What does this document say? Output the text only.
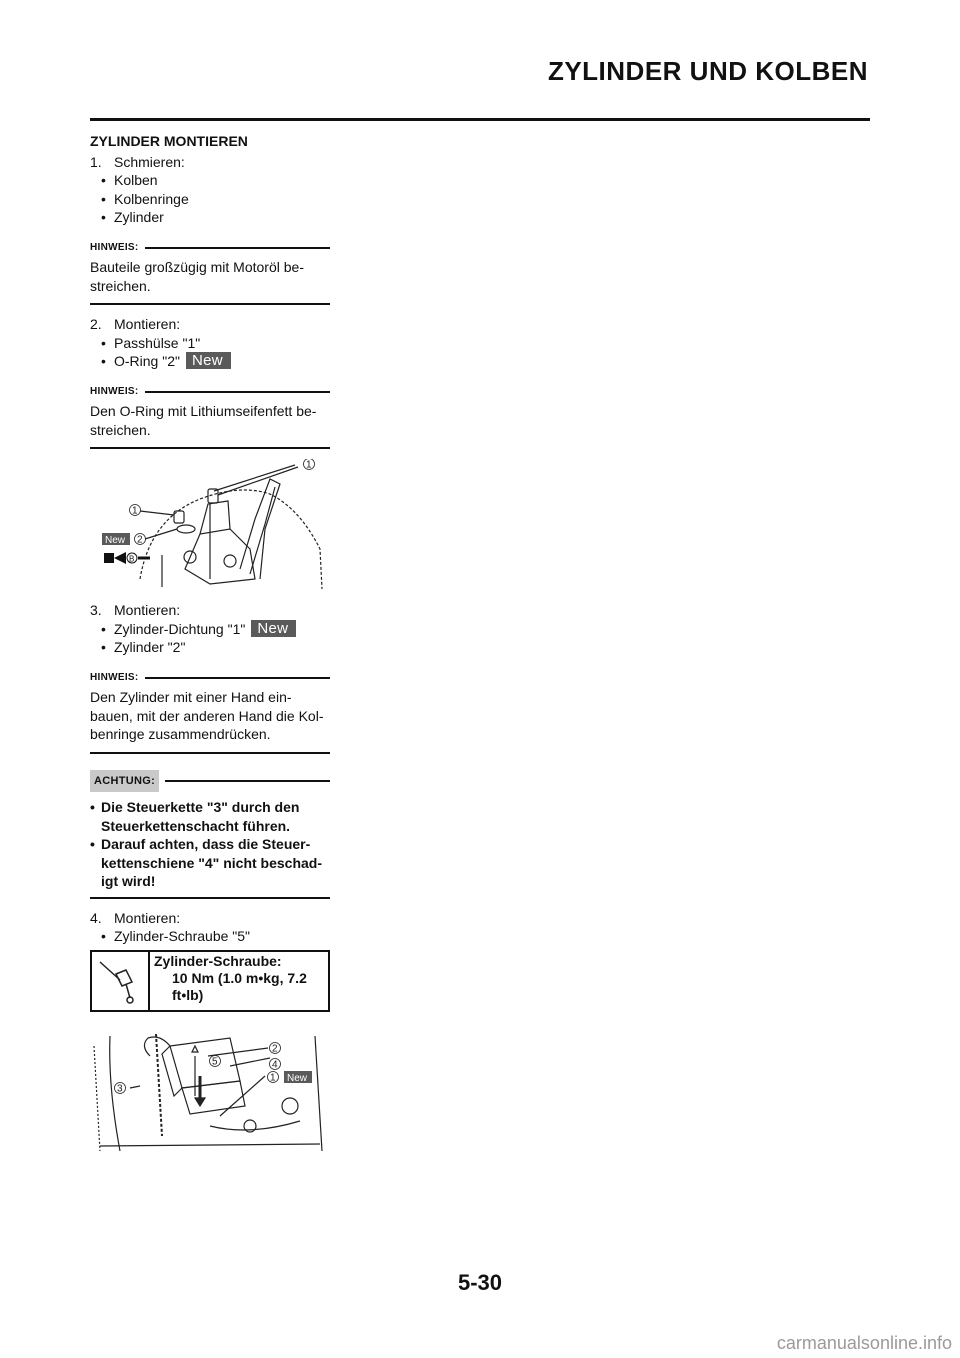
ZYLINDER UND KOLBEN
ZYLINDER MONTIEREN
1. Schmieren:
• Kolben
• Kolbenringe
• Zylinder
HINWEIS:
Bauteile großzügig mit Motoröl be-streichen.
2. Montieren:
• Passhülse "1"
• O-Ring "2" New
HINWEIS:
Den O-Ring mit Lithiumseifenfett be-streichen.
1
1
2
New
B
3. Montieren:
• Zylinder-Dichtung "1" New
• Zylinder "2"
HINWEIS:
Den Zylinder mit einer Hand ein-bauen, mit der anderen Hand die Kol-benringe zusammendrücken.
ACHTUNG:
• Die Steuerkette "3" durch den Steuerkettenschacht führen.
• Darauf achten, dass die Steuer-kettenschiene "4" nicht beschad-igt wird!
4. Montieren:
• Zylinder-Schraube "5"
Zylinder-Schraube:
10 Nm (1.0 m•kg, 7.2 ft•lb)
2
5	4
3
1 New
5-30
carmanualsonline.info
